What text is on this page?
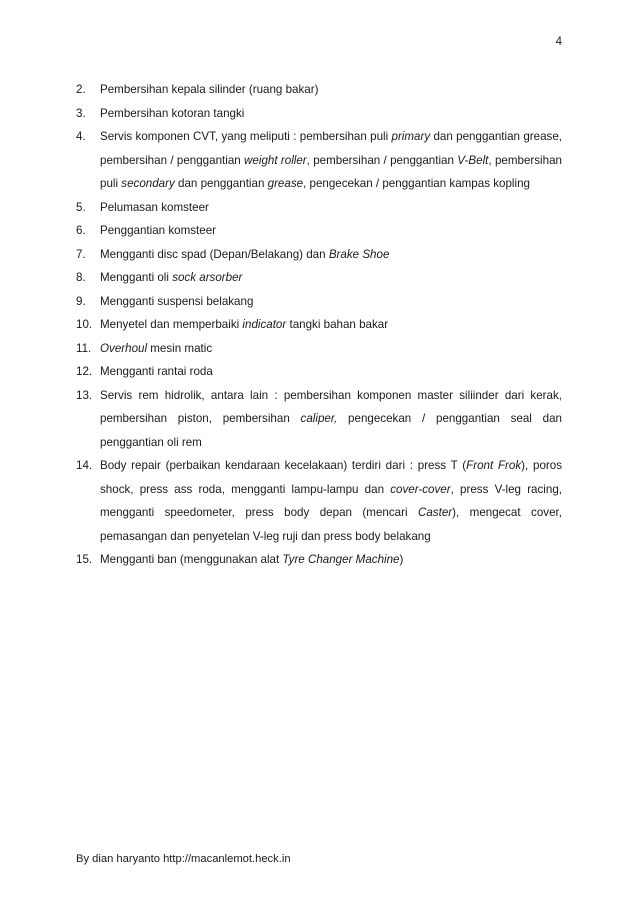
4
2. Pembersihan kepala silinder (ruang bakar)
3. Pembersihan kotoran tangki
4. Servis komponen CVT, yang meliputi : pembersihan puli primary dan penggantian grease, pembersihan / penggantian weight roller, pembersihan / penggantian V-Belt, pembersihan puli secondary dan penggantian grease, pengecekan / penggantian kampas kopling
5. Pelumasan komsteer
6. Penggantian komsteer
7. Mengganti disc spad (Depan/Belakang) dan Brake Shoe
8. Mengganti oli sock arsorber
9. Mengganti suspensi belakang
10. Menyetel dan memperbaiki indicator tangki bahan bakar
11. Overhoul mesin matic
12. Mengganti rantai roda
13. Servis rem hidrolik, antara lain : pembersihan komponen master siliinder dari kerak, pembersihan piston, pembersihan caliper, pengecekan / penggantian seal dan penggantian oli rem
14. Body repair (perbaikan kendaraan kecelakaan) terdiri dari : press T (Front Frok), poros shock, press ass roda, mengganti lampu-lampu dan cover-cover, press V-leg racing, mengganti speedometer, press body depan (mencari Caster), mengecat cover, pemasangan dan penyetelan V-leg ruji dan press body belakang
15. Mengganti ban (menggunakan alat Tyre Changer Machine)
By dian haryanto http://macanlemot.heck.in
